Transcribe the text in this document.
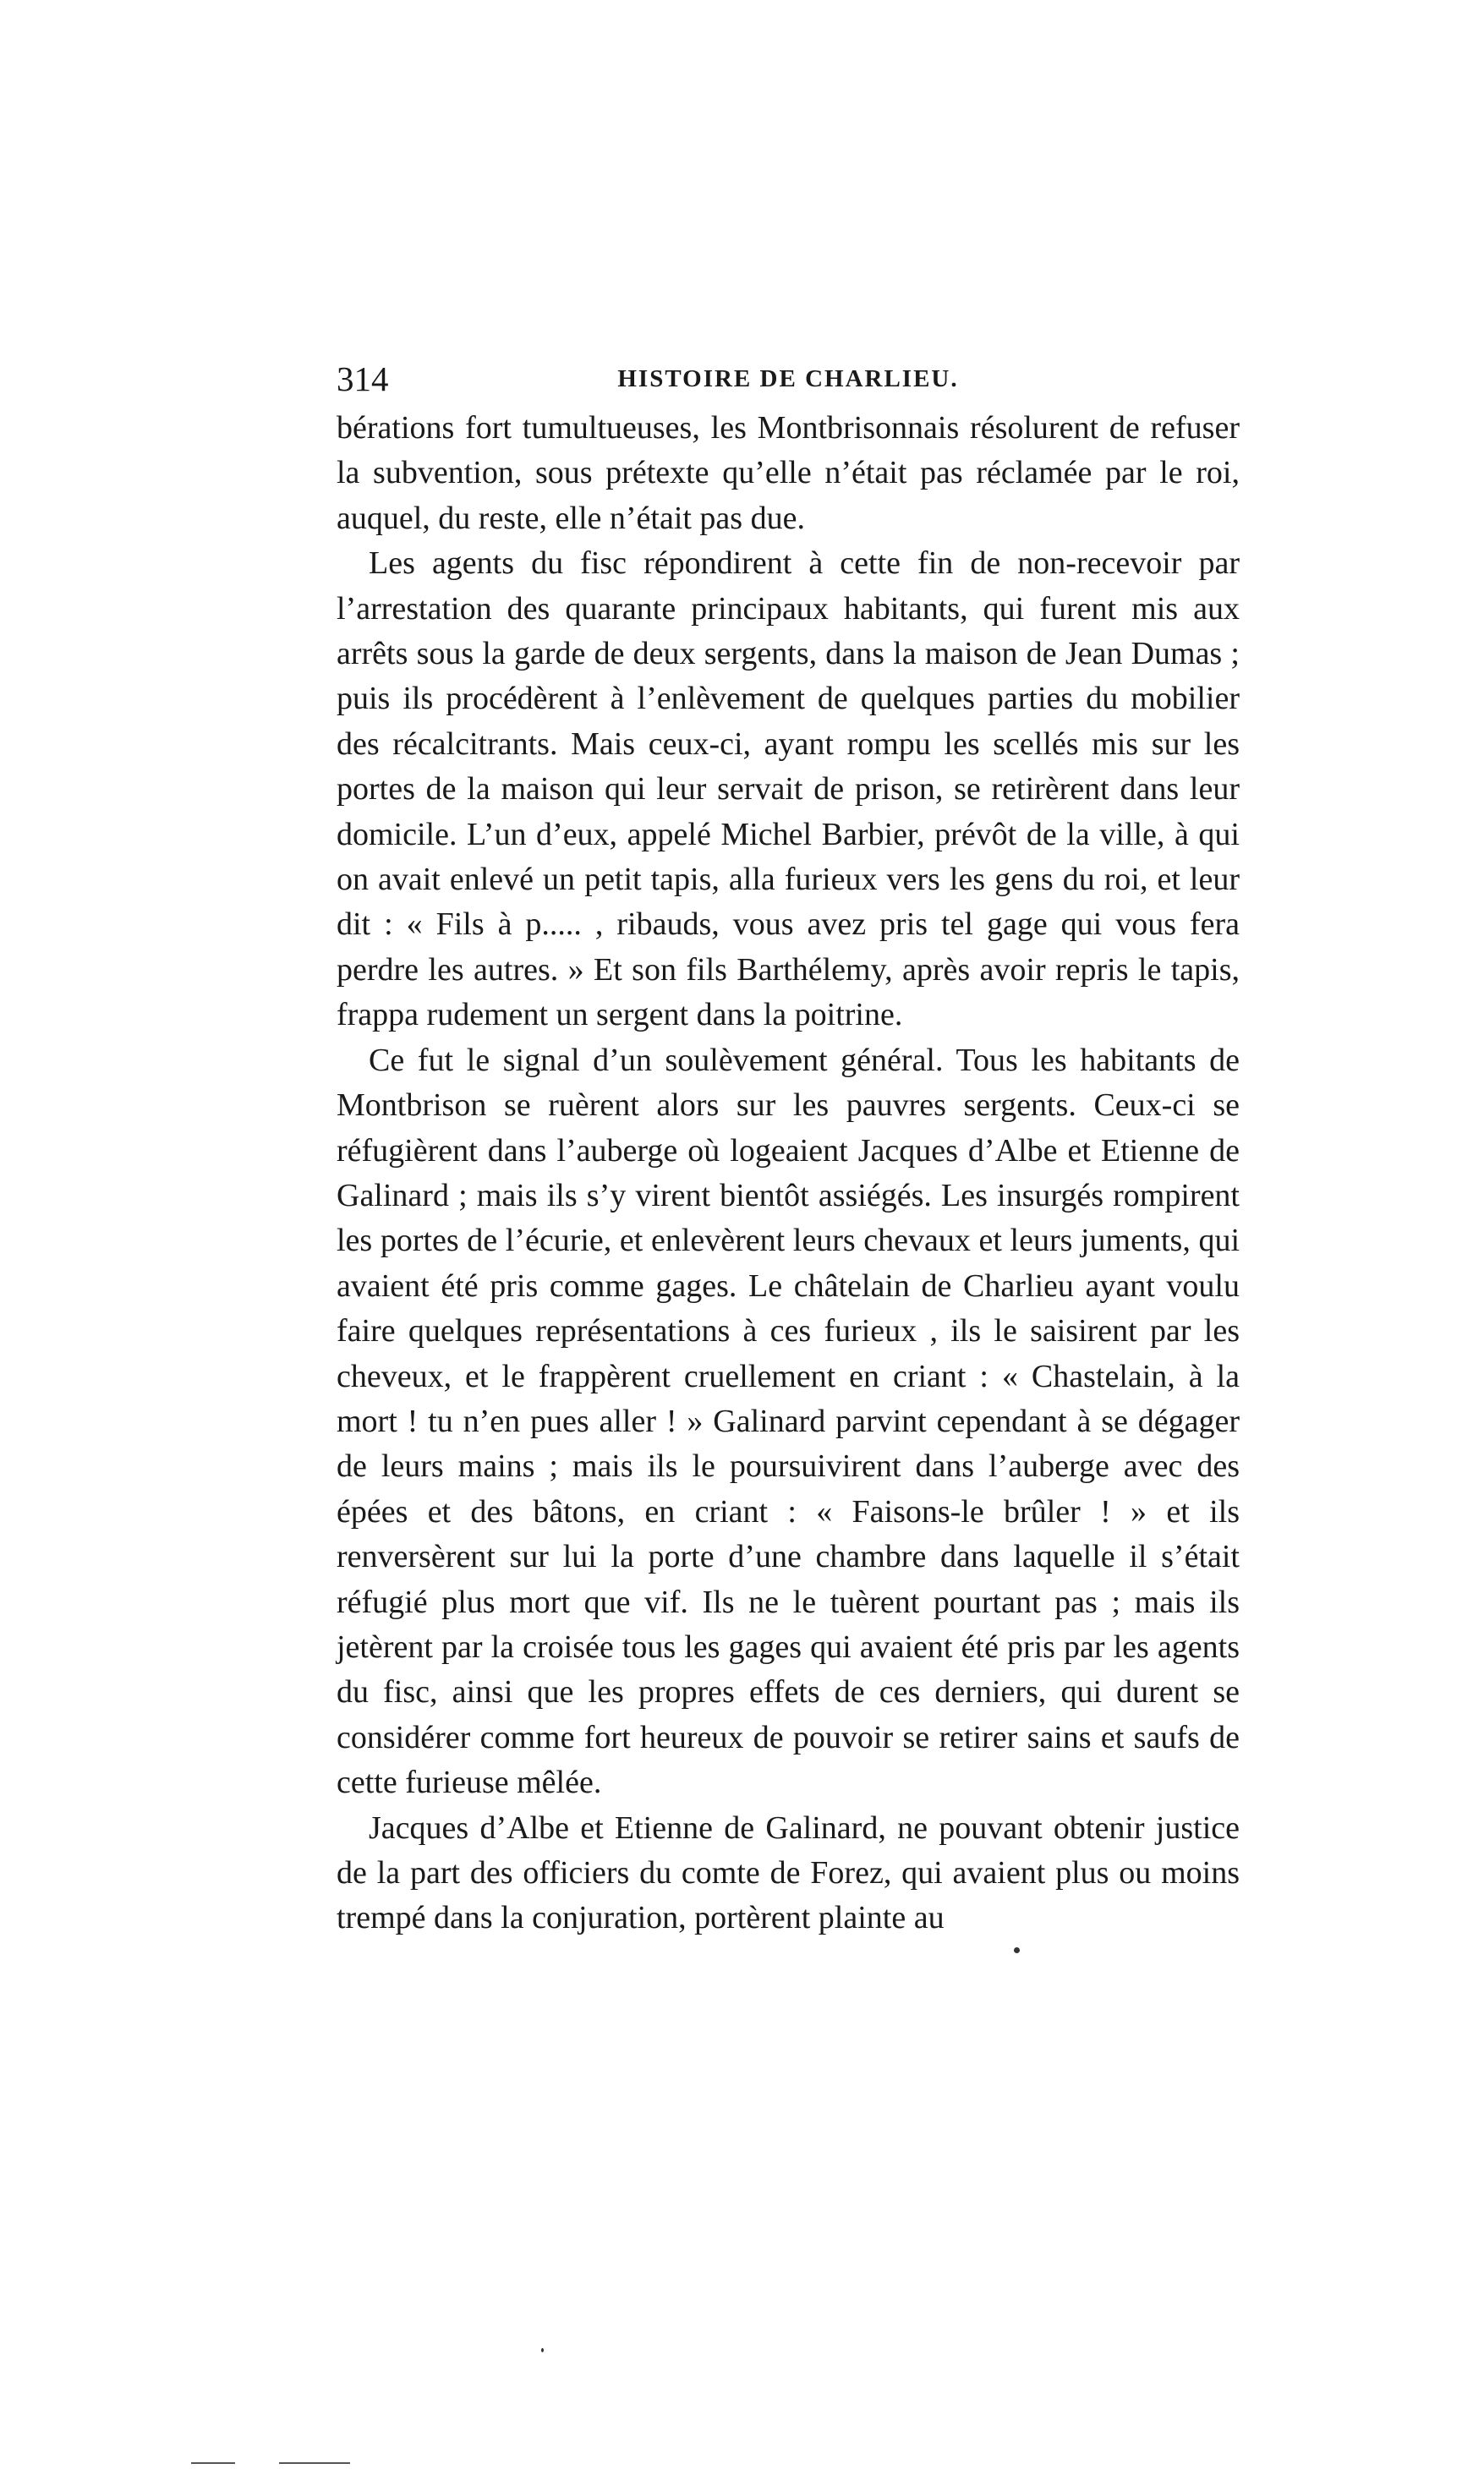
314	HISTOIRE DE CHARLIEU.

bérations fort tumultueuses, les Montbrisonnais résolurent de refuser la subvention, sous prétexte qu’elle n’était pas réclamée par le roi, auquel, du reste, elle n’était pas due.

Les agents du fisc répondirent à cette fin de non-recevoir par l’arrestation des quarante principaux habitants, qui furent mis aux arrêts sous la garde de deux sergents, dans la maison de Jean Dumas ; puis ils procédèrent à l’enlèvement de quelques parties du mobilier des récalcitrants. Mais ceux-ci, ayant rompu les scellés mis sur les portes de la maison qui leur servait de prison, se retirèrent dans leur domicile. L’un d’eux, appelé Michel Barbier, prévôt de la ville, à qui on avait enlevé un petit tapis, alla furieux vers les gens du roi, et leur dit : « Fils à p..... , ribauds, vous avez pris tel gage qui vous fera perdre les autres. » Et son fils Barthélemy, après avoir repris le tapis, frappa rudement un sergent dans la poitrine.

Ce fut le signal d’un soulèvement général. Tous les habitants de Montbrison se ruèrent alors sur les pauvres sergents. Ceux-ci se réfugièrent dans l’auberge où logeaient Jacques d’Albe et Etienne de Galinard ; mais ils s’y virent bientôt assiégés. Les insurgés rompirent les portes de l’écurie, et enlevèrent leurs chevaux et leurs juments, qui avaient été pris comme gages. Le châtelain de Charlieu ayant voulu faire quelques représentations à ces furieux , ils le saisirent par les cheveux, et le frappèrent cruellement en criant : « Chastelain, à la mort ! tu n’en pues aller ! » Galinard parvint cependant à se dégager de leurs mains ; mais ils le poursuivirent dans l’auberge avec des épées et des bâtons, en criant : « Faisons-le brûler ! » et ils renversèrent sur lui la porte d’une chambre dans laquelle il s’était réfugié plus mort que vif. Ils ne le tuèrent pourtant pas ; mais ils jetèrent par la croisée tous les gages qui avaient été pris par les agents du fisc, ainsi que les propres effets de ces derniers, qui durent se considérer comme fort heureux de pouvoir se retirer sains et saufs de cette furieuse mêlée.

Jacques d’Albe et Etienne de Galinard, ne pouvant obtenir justice de la part des officiers du comte de Forez, qui avaient plus ou moins trempé dans la conjuration, portèrent plainte au
